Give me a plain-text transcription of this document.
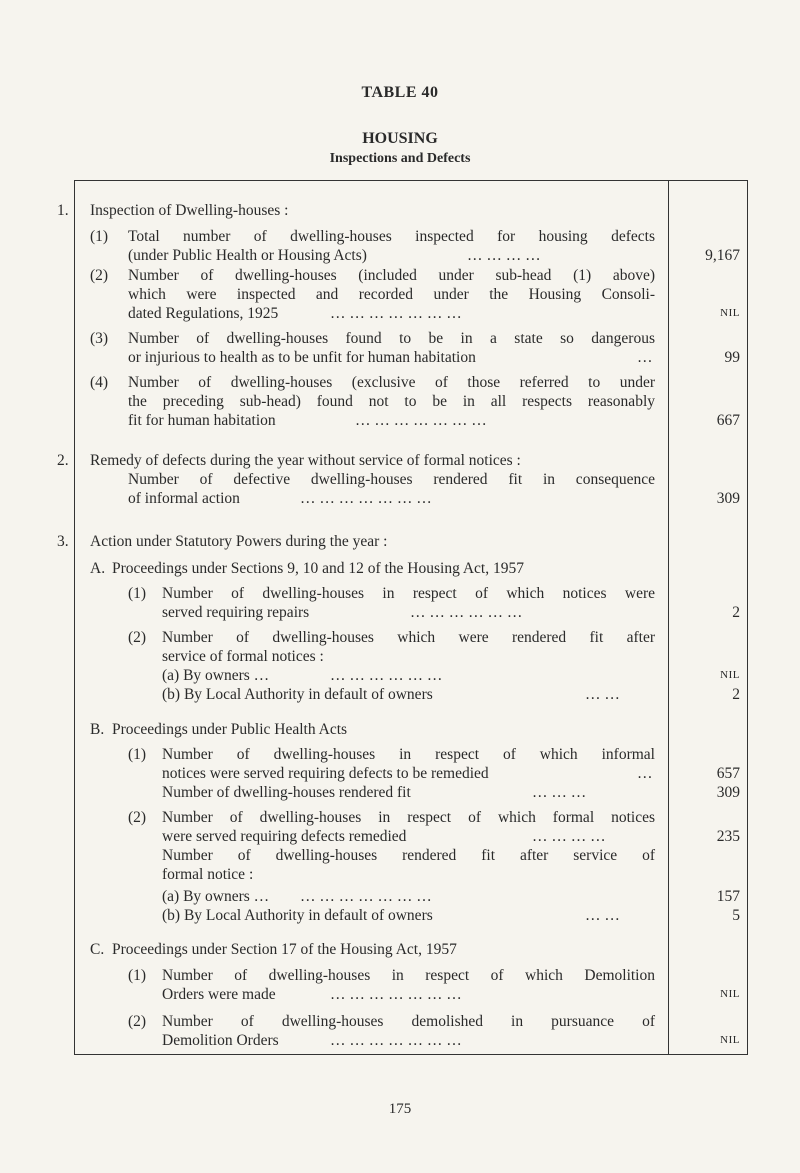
TABLE 40
HOUSING
Inspections and Defects
1. Inspection of Dwelling-houses :
(1) Total number of dwelling-houses inspected for housing defects
(under Public Health or Housing Acts)	… … … …	9,167
(2) Number of dwelling-houses (included under sub-head (1) above)
which were inspected and recorded under the Housing Consoli-
dated Regulations, 1925	… … … … … … …	NIL
(3) Number of dwelling-houses found to be in a state so dangerous
or injurious to health as to be unfit for human habitation	…	99
(4) Number of dwelling-houses (exclusive of those referred to under
the preceding sub-head) found not to be in all respects reasonably
fit for human habitation	… … … … … … …	667
2. Remedy of defects during the year without service of formal notices :
Number of defective dwelling-houses rendered fit in consequence
of informal action	… … … … … … …	309
3. Action under Statutory Powers during the year :
A. Proceedings under Sections 9, 10 and 12 of the Housing Act, 1957
(1) Number of dwelling-houses in respect of which notices were
served requiring repairs	… … … … … …	2
(2) Number of dwelling-houses which were rendered fit after
service of formal notices :
(a) By owners …	… … … … … …	NIL
(b) By Local Authority in default of owners	… …	2
B. Proceedings under Public Health Acts
(1) Number of dwelling-houses in respect of which informal
notices were served requiring defects to be remedied	…	657
Number of dwelling-houses rendered fit	… … …	309
(2) Number of dwelling-houses in respect of which formal notices
were served requiring defects remedied	… … … …	235
Number of dwelling-houses rendered fit after service of
formal notice :
(a) By owners … … … … … … … …	157
(b) By Local Authority in default of owners	… …	5
C. Proceedings under Section 17 of the Housing Act, 1957
(1) Number of dwelling-houses in respect of which Demolition
Orders were made	… … … … … … …	NIL
(2) Number of dwelling-houses demolished in pursuance of
Demolition Orders	… … … … … … …	NIL
175
